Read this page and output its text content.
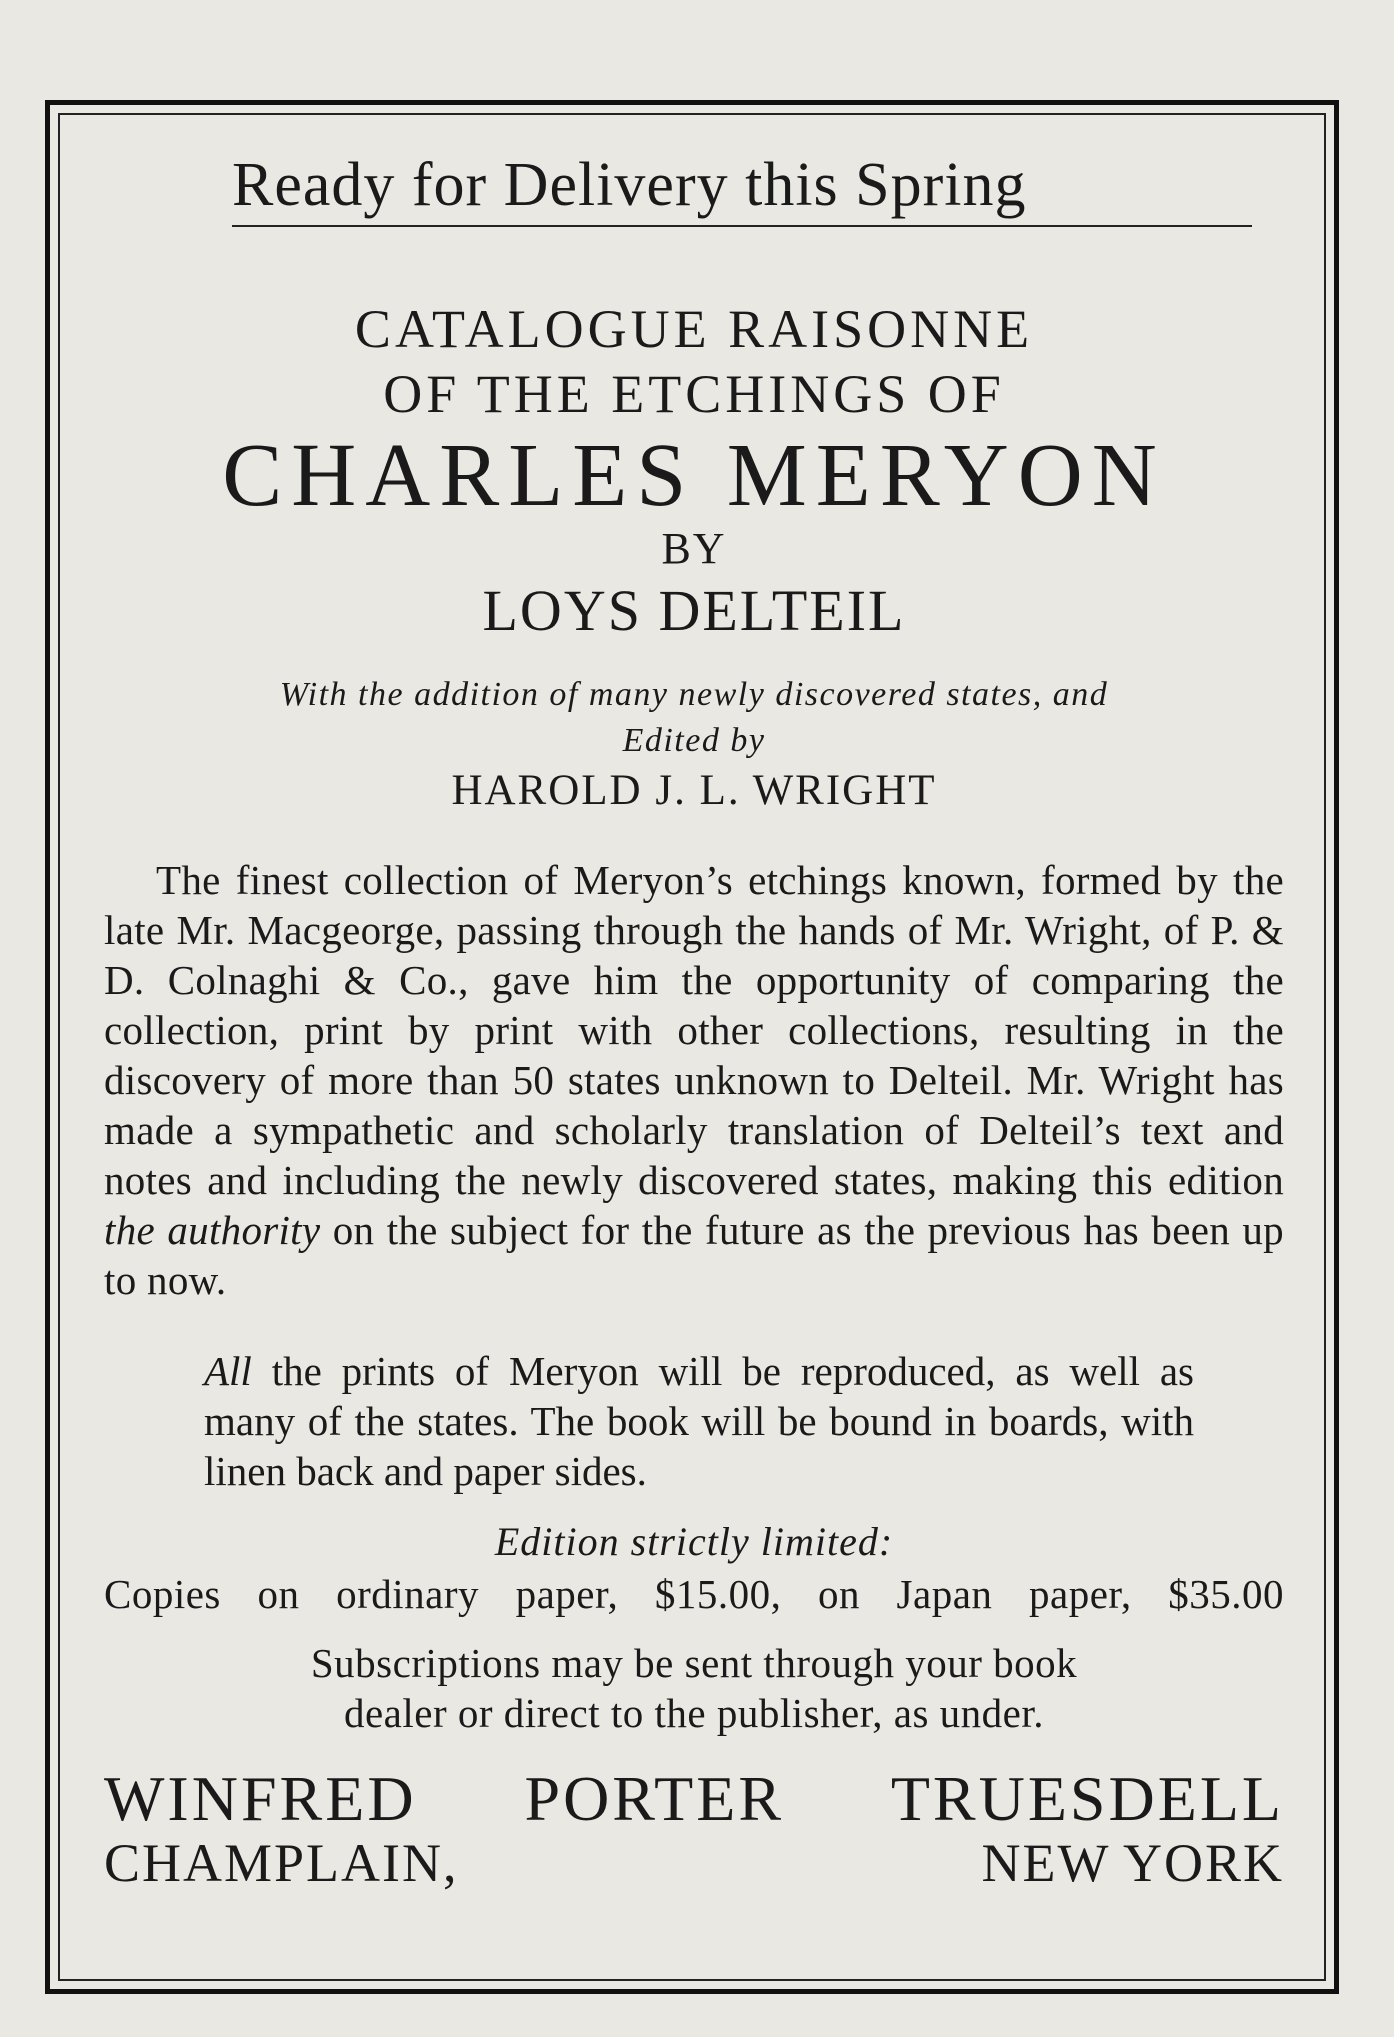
Ready for Delivery this Spring
CATALOGUE RAISONNE
OF THE ETCHINGS OF
CHARLES MERYON
BY
LOYS DELTEIL
With the addition of many newly discovered states, and
Edited by
HAROLD J. L. WRIGHT

The finest collection of Meryon’s etchings known, formed by the late Mr. Macgeorge, passing through the hands of Mr. Wright, of P. & D. Colnaghi & Co., gave him the opportunity of comparing the collection, print by print with other collections, resulting in the discovery of more than 50 states unknown to Delteil. Mr. Wright has made a sympathetic and scholarly translation of Delteil’s text and notes and including the newly discovered states, making this edition the authority on the subject for the future as the previous has been up to now.

All the prints of Meryon will be reproduced, as well as many of the states. The book will be bound in boards, with linen back and paper sides.

Edition strictly limited:
Copies on ordinary paper, $15.00, on Japan paper, $35.00
Subscriptions may be sent through your book
dealer or direct to the publisher, as under.
WINFRED PORTER TRUESDELL
CHAMPLAIN,	NEW YORK
